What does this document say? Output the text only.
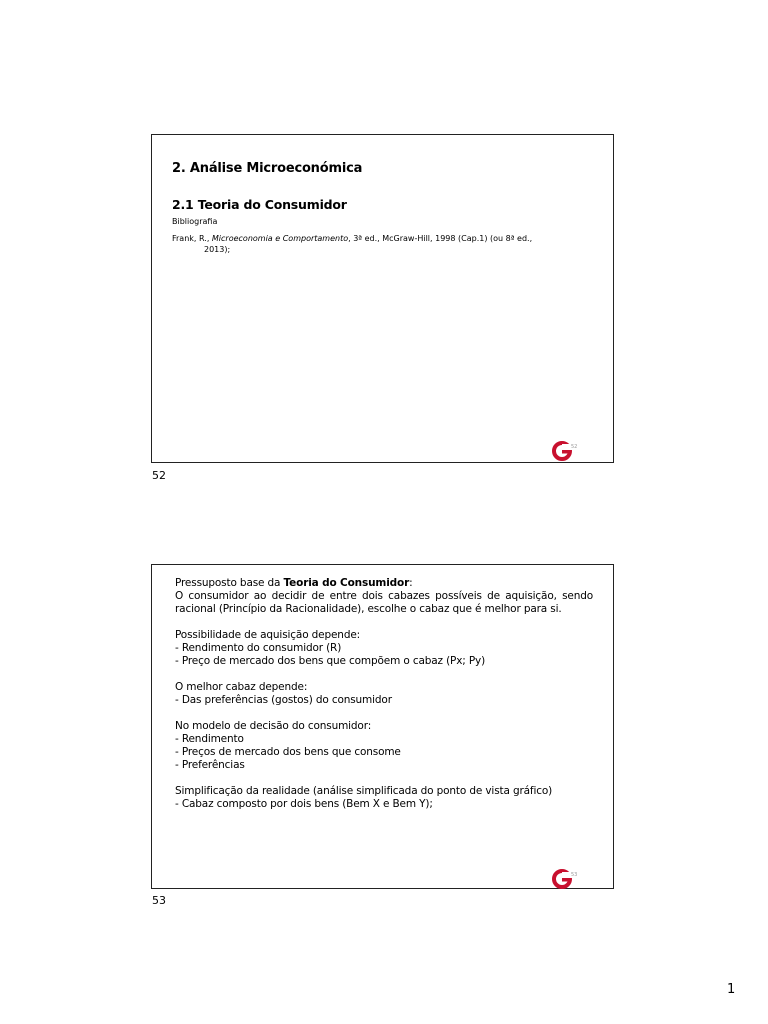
2. Análise Microeconómica
2.1 Teoria do Consumidor
Bibliografia
Frank, R., Microeconomia e Comportamento, 3ª ed., McGraw-Hill, 1998 (Cap.1) (ou 8ª ed.,
2013);
52
52

Pressuposto base da Teoria do Consumidor:

O consumidor ao decidir de entre dois cabazes possíveis de aquisição, sendo racional (Princípio da Racionalidade), escolhe o cabaz que é melhor para si.

Possibilidade de aquisição depende:

- Rendimento do consumidor (R)

- Preço de mercado dos bens que compõem o cabaz (Px; Py)

O melhor cabaz depende:

- Das preferências (gostos) do consumidor

No modelo de decisão do consumidor:

- Rendimento

- Preços de mercado dos bens que consome

- Preferências

Simplificação da realidade (análise simplificada do ponto de vista gráfico)

- Cabaz composto por dois bens (Bem X e Bem Y);

53
53
1
